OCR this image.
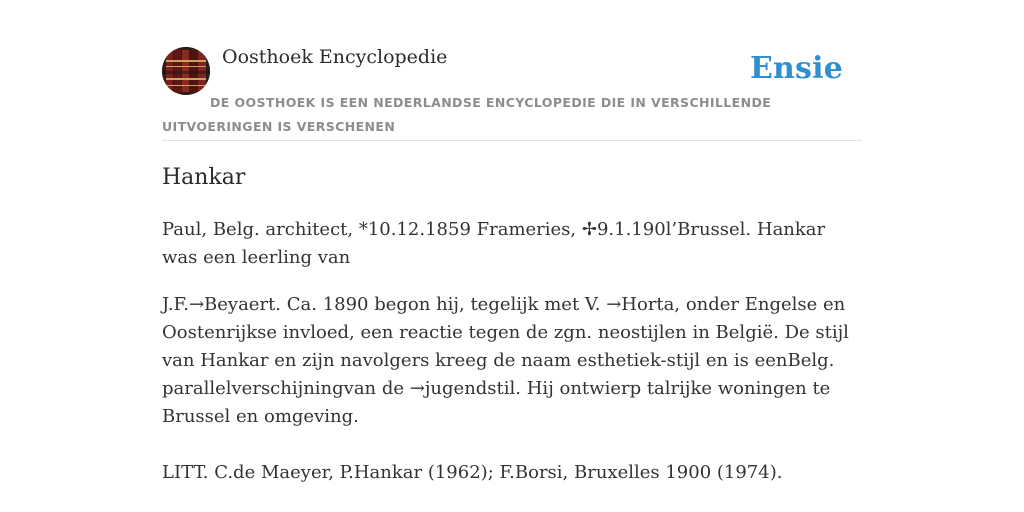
Oosthoek Encyclopedie	Ensie
DE OOSTHOEK IS EEN NEDERLANDSE ENCYCLOPEDIE DIE IN VERSCHILLENDE UITVOERINGEN IS VERSCHENEN
Hankar

Paul, Belg. architect, *10.12.1859 Frameries, ✢9.1.190l’Brussel. Hankar was een leerling van

J.F.→Beyaert. Ca. 1890 begon hij, tegelijk met V. →Horta, onder Engelse en Oostenrijkse invloed, een reactie tegen de zgn. neostijlen in België. De stijl van Hankar en zijn navolgers kreeg de naam esthetiek-stijl en is eenBelg. parallelverschijningvan de →jugendstil. Hij ontwierp talrijke woningen te Brussel en omgeving.

LITT. C.de Maeyer, P.Hankar (1962); F.Borsi, Bruxelles 1900 (1974).
